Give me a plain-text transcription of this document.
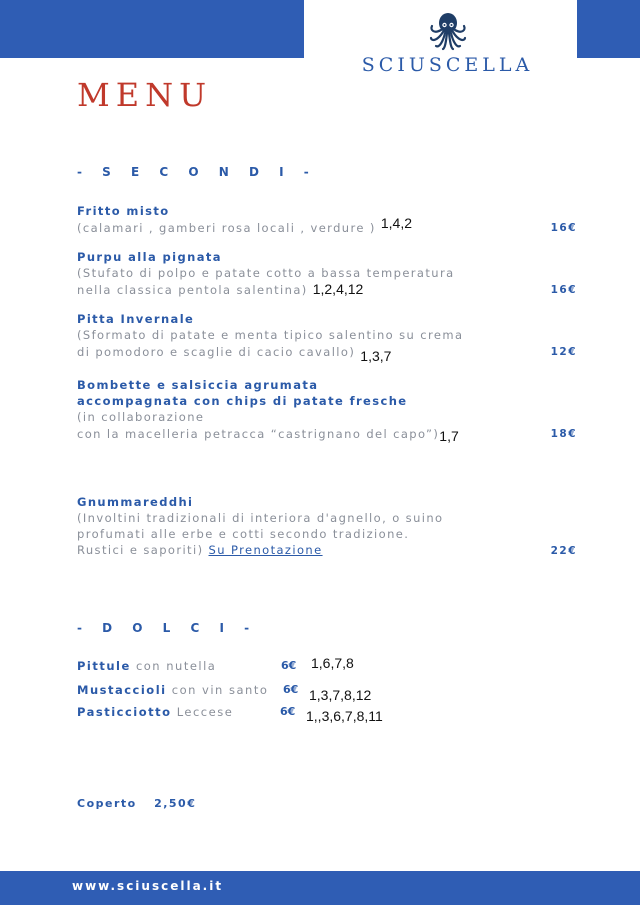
SCIUSCELLA
MENU
- S E C O N D I -
Fritto misto
(calamari , gamberi rosa locali , verdure ) 1,4,2	16€
Purpu alla pignata
(Stufato di polpo e patate cotto a bassa temperatura
nella classica pentola salentina) 1,2,4,12	16€
Pitta Invernale
(Sformato di patate e menta tipico salentino su crema
di pomodoro e scaglie di cacio cavallo) 1,3,7	12€
Bombette e salsiccia agrumata
accompagnata con chips di patate fresche
(in collaborazione
con la macelleria petracca “castrignano del capo”)1,7	18€
Gnummareddhi
(Involtini tradizionali di interiora d'agnello, o suino
profumati alle erbe e cotti secondo tradizione.
Rustici e saporiti) Su Prenotazione	22€
- D O L C I -
Pittule con nutella	6€ 1,6,7,8
Mustaccioli con vin santo 6€ 1,3,7,8,12
Pasticciotto Leccese	6€ 1,,3,6,7,8,11
Coperto 2,50€
www.sciuscella.it
